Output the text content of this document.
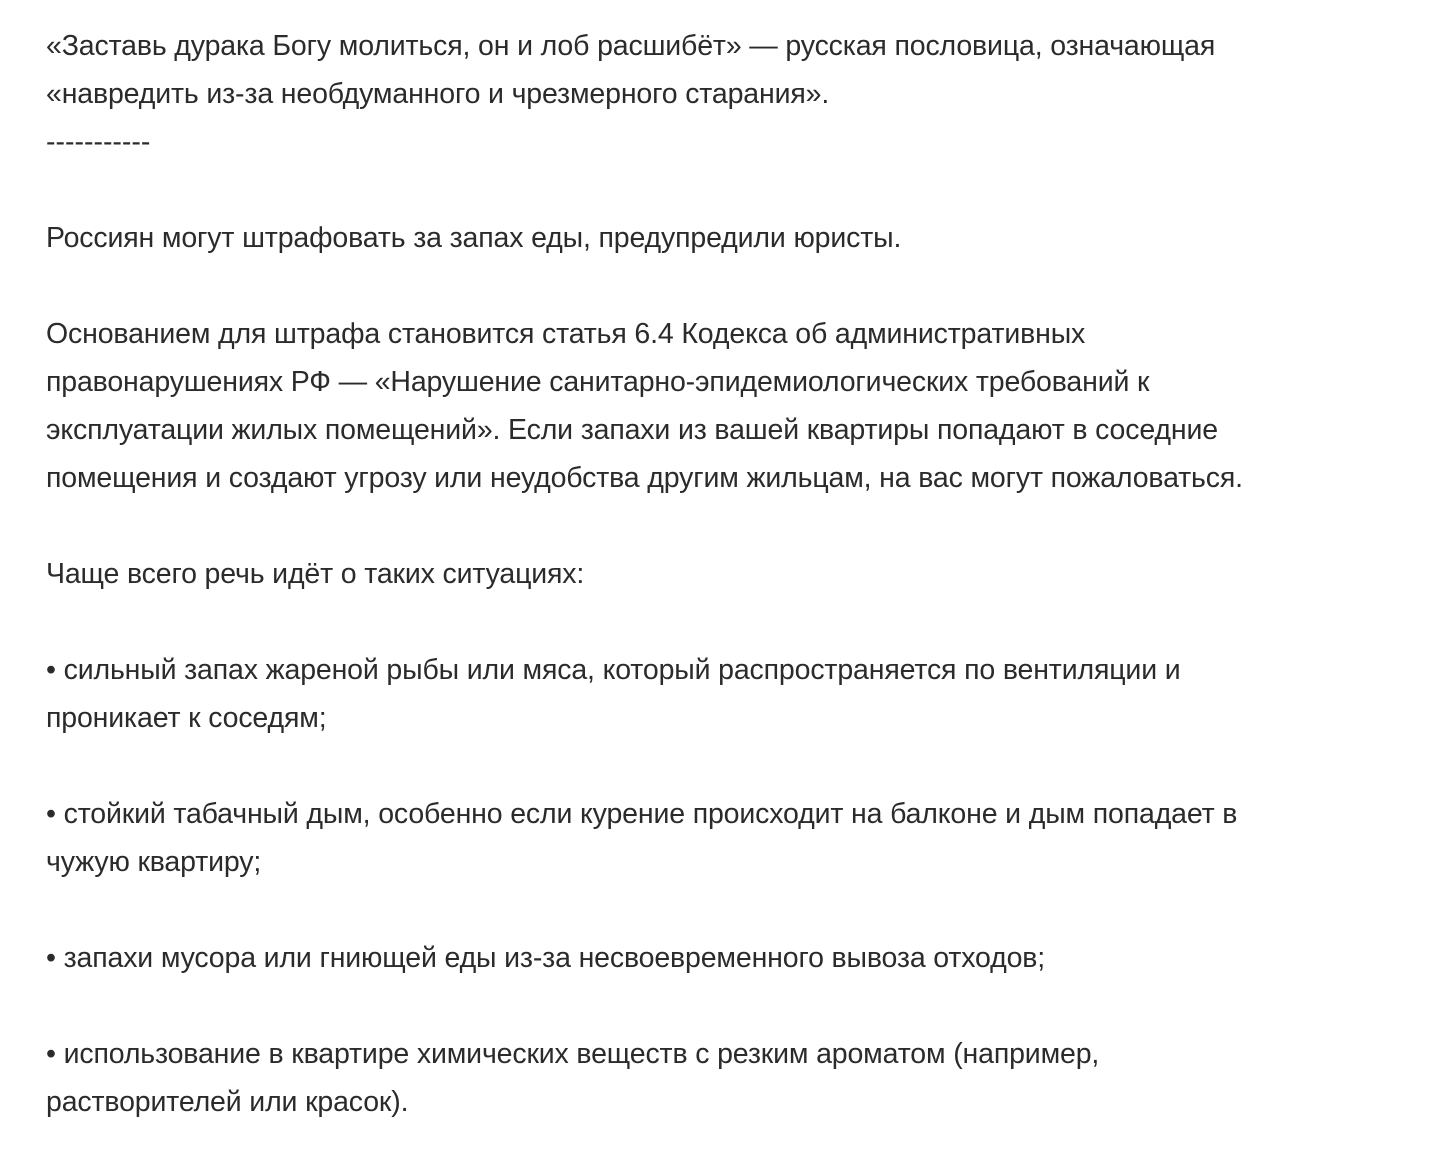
«Заставь дурака Богу молиться, он и лоб расшибёт» — русская пословица, означающая
«навредить из-за необдуманного и чрезмерного старания».

-----------

Россиян могут штрафовать за запах еды, предупредили юристы.

Основанием для штрафа становится статья 6.4 Кодекса об административных
правонарушениях РФ — «Нарушение санитарно-эпидемиологических требований к
эксплуатации жилых помещений». Если запахи из вашей квартиры попадают в соседние
помещения и создают угрозу или неудобства другим жильцам, на вас могут пожаловаться.

Чаще всего речь идёт о таких ситуациях:

• сильный запах жареной рыбы или мяса, который распространяется по вентиляции и
проникает к соседям;

• стойкий табачный дым, особенно если курение происходит на балконе и дым попадает в
чужую квартиру;

• запахи мусора или гниющей еды из-за несвоевременного вывоза отходов;

• использование в квартире химических веществ с резким ароматом (например,
растворителей или красок).
